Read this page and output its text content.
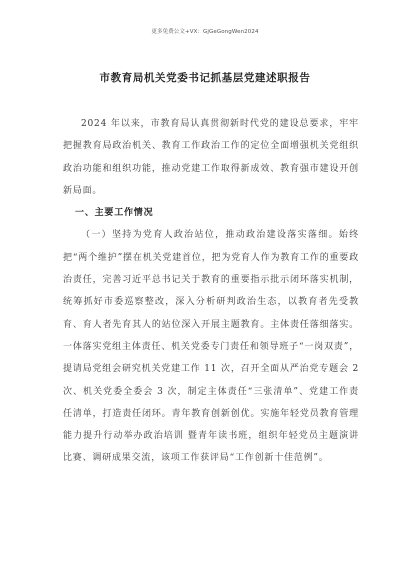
更多免费公文+VX：GjGeGongWen2024
市教育局机关党委书记抓基层党建述职报告

2024 年以来，市教育局认真贯彻新时代党的建设总要求，牢牢把握教育局政治机关、教育工作政治工作的定位全面增强机关党组织政治功能和组织功能，推动党建工作取得新成效、教育强市建设开创新局面。

一、主要工作情况

（一）坚持为党育人政治站位，推动政治建设落实落细。始终把“两个维护”摆在机关党建首位，把为党育人作为教育工作的重要政治责任，完善习近平总书记关于教育的重要指示批示闭环落实机制，统筹抓好市委巡察整改，深入分析研判政治生态，以教育者先受教育、育人者先育其人的站位深入开展主题教育。主体责任落细落实。一体落实党组主体责任、机关党委专门责任和领导班子“一岗双责”，提请局党组会研究机关党建工作 11 次，召开全面从严治党专题会 2 次、机关党委全委会 3 次，制定主体责任“三张清单”、党建工作责任清单，打造责任闭环。青年教育创新创优。实施年轻党员教育管理能力提升行动举办政治培训 暨青年读书班，组织年轻党员主题演讲比赛、调研成果交流，该项工作获评局“工作创新十佳范例”。
